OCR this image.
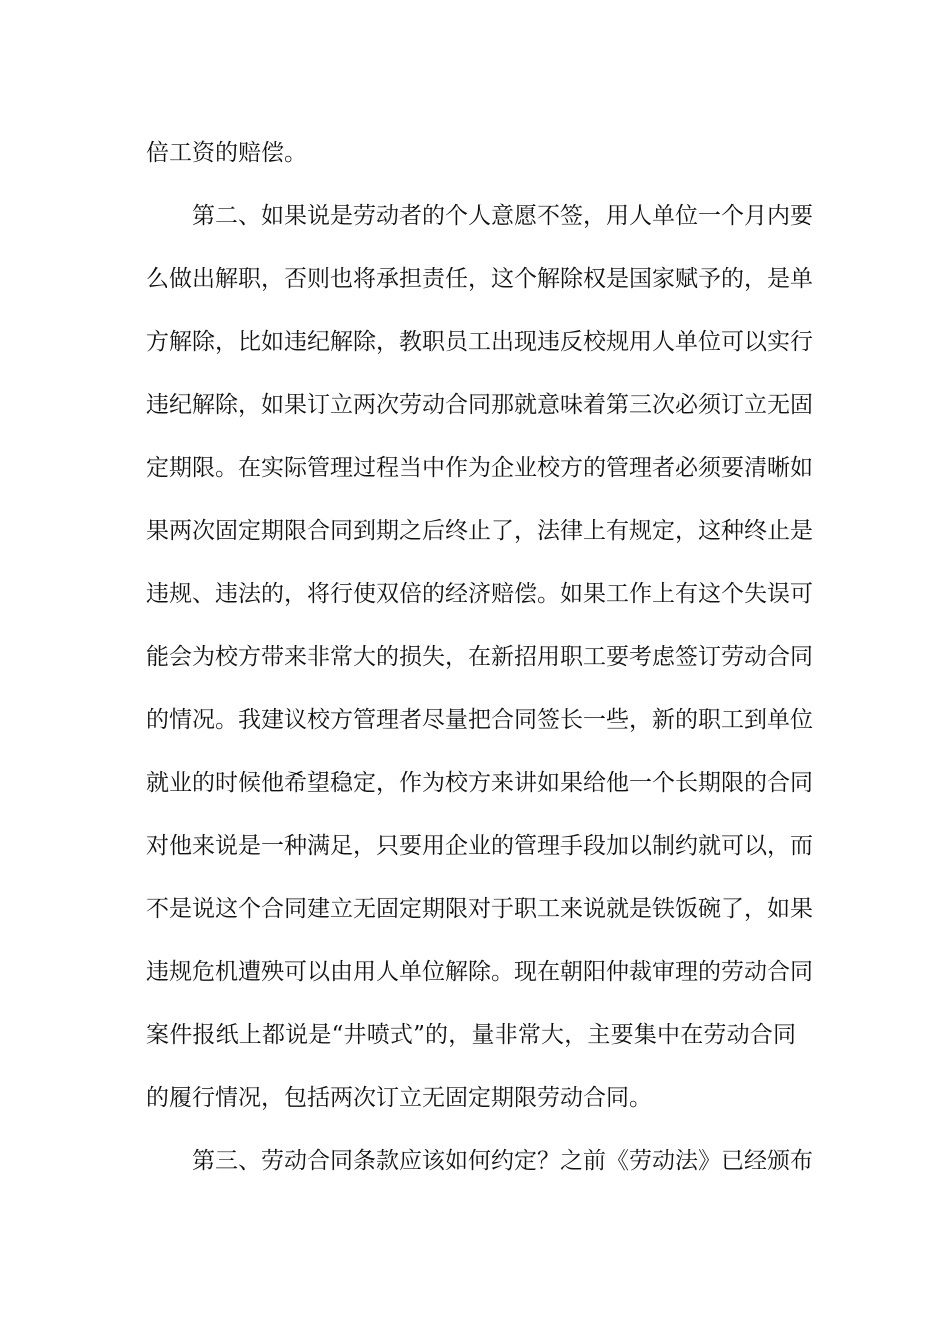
倍工资的赔偿。
第二、如果说是劳动者的个人意愿不签，用人单位一个月内要
么做出解职，否则也将承担责任，这个解除权是国家赋予的，是单
方解除，比如违纪解除，教职员工出现违反校规用人单位可以实行
违纪解除，如果订立两次劳动合同那就意味着第三次必须订立无固
定期限。在实际管理过程当中作为企业校方的管理者必须要清晰如
果两次固定期限合同到期之后终止了，法律上有规定，这种终止是
违规、违法的，将行使双倍的经济赔偿。如果工作上有这个失误可
能会为校方带来非常大的损失，在新招用职工要考虑签订劳动合同
的情况。我建议校方管理者尽量把合同签长一些，新的职工到单位
就业的时候他希望稳定，作为校方来讲如果给他一个长期限的合同
对他来说是一种满足，只要用企业的管理手段加以制约就可以，而
不是说这个合同建立无固定期限对于职工来说就是铁饭碗了，如果
违规危机遭殃可以由用人单位解除。现在朝阳仲裁审理的劳动合同
案件报纸上都说是“井喷式”的，量非常大，主要集中在劳动合同
的履行情况，包括两次订立无固定期限劳动合同。
第三、劳动合同条款应该如何约定？之前《劳动法》已经颁布
